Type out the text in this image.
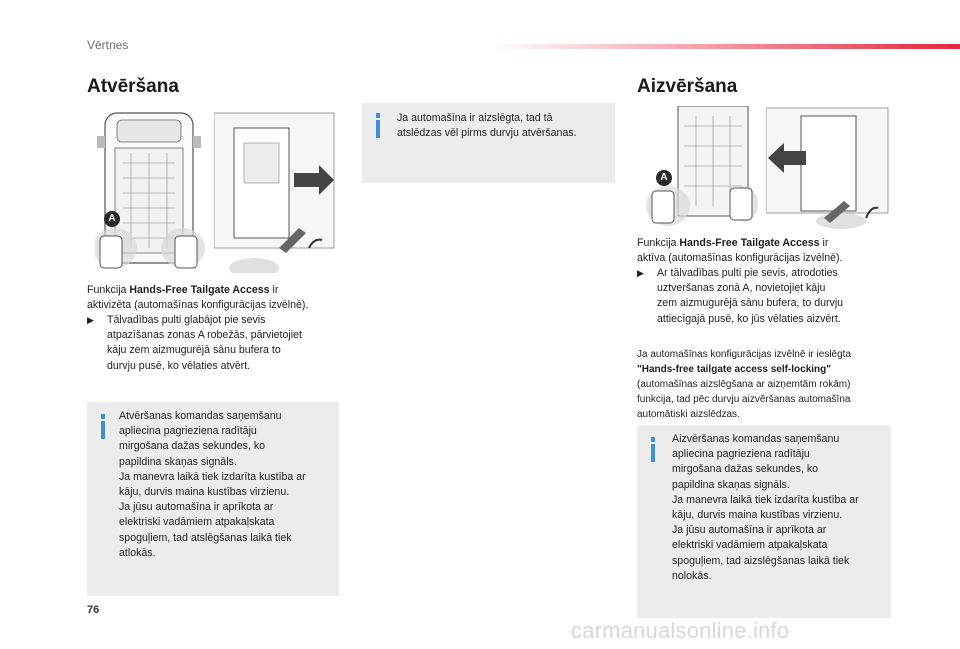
Vērtnes
Atvēršana
A
Funkcija Hands-Free Tailgate Access ir
aktivizēta (automašīnas konfigurācijas izvēlnē).
▶ Tālvadības pulti glabājot pie sevis
atpazīšanas zonas A robežās, pārvietojiet
kāju zem aizmugurējā sānu bufera to
durvju pusē, ko vēlaties atvērt.
Atvēršanas komandas saņemšanu
apliecina pagrieziena radītāju
mirgošana dažas sekundes, ko
papildina skaņas signāls.
Ja manevra laikā tiek izdarīta kustība ar
kāju, durvis maina kustības virzienu.
Ja jūsu automašīna ir aprīkota ar
elektriski vadāmiem atpakaļskata
spoguļiem, tad atslēgšanas laikā tiek
atlokās.
Ja automašīna ir aizslēgta, tad tā
atslēdzas vēl pirms durvju atvēršanas.
Aizvēršana
A
Funkcija Hands-Free Tailgate Access ir
aktīva (automašīnas konfigurācijas izvēlnē).
▶ Ar tālvadības pulti pie sevis, atrodoties
uztveršanas zonā A, novietojiet kāju
zem aizmugurējā sānu bufera, to durvju
attiecīgajā pusē, ko jūs vēlaties aizvērt.
Ja automašīnas konfigurācijas izvēlnē ir ieslēgta
"Hands-free tailgate access self-locking"
(automašīnas aizslēgšana ar aizņemtām rokām)
funkcija, tad pēc durvju aizvēršanas automašīna
automātiski aizslēdzas.
Aizvēršanas komandas saņemšanu
apliecina pagrieziena radītāju
mirgošana dažas sekundes, ko
papildina skaņas signāls.
Ja manevra laikā tiek izdarīta kustība ar
kāju, durvis maina kustības virzienu.
Ja jūsu automašīna ir aprīkota ar
elektriski vadāmiem atpakaļskata
spoguļiem, tad aizslēgšanas laikā tiek
nolokās.
76
carmanualsonline.info
